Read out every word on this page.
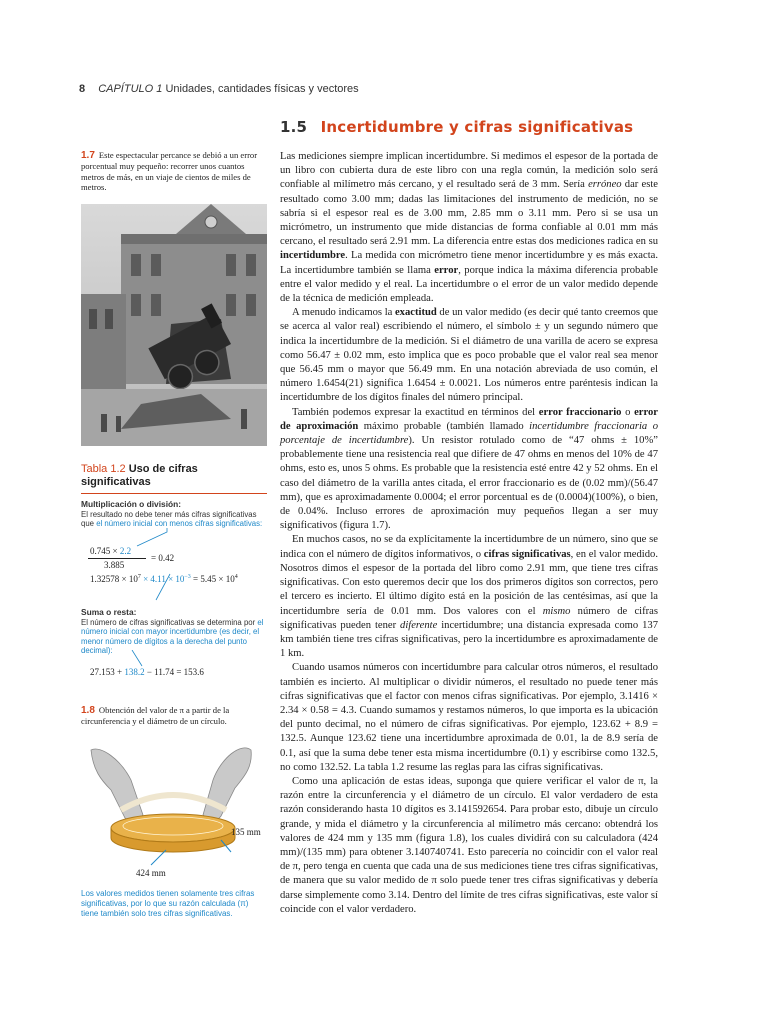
8 CAPÍTULO 1 Unidades, cantidades físicas y vectores
1.5 Incertidumbre y cifras significativas
1.7 Este espectacular percance se debió a un error porcentual muy pequeño: recorrer unos cuantos metros de más, en un viaje de cientos de miles de metros.
Tabla 1.2 Uso de cifras significativas
Multiplicación o división:
El resultado no debe tener más cifras significativas que el número inicial con menos cifras significativas:
0.745 × 2.2
3.885
= 0.42
$1.32578 \times 10^7 \times 4.11 \times 10^{-3} = 5.45 \times 10^4$
Suma o resta:
El número de cifras significativas se determina por el número inicial con mayor incertidumbre (es decir, el menor número de dígitos a la derecha del punto decimal):
27.153 + 138.2 − 11.74 = 153.6
1.8 Obtención del valor de π a partir de la circunferencia y el diámetro de un círculo.
135 mm
424 mm
Los valores medidos tienen solamente tres cifras significativas, por lo que su razón calculada (π) tiene también solo tres cifras significativas.

Las mediciones siempre implican incertidumbre. Si medimos el espesor de la portada de un libro con cubierta dura de este libro con una regla común, la medición solo será confiable al milímetro más cercano, y el resultado será de 3 mm. Sería erróneo dar este resultado como 3.00 mm; dadas las limitaciones del instrumento de medición, no se sabría si el espesor real es de 3.00 mm, 2.85 mm o 3.11 mm. Pero si se usa un micrómetro, un instrumento que mide distancias de forma confiable al 0.01 mm más cercano, el resultado será 2.91 mm. La diferencia entre estas dos mediciones radica en su incertidumbre. La medida con micrómetro tiene menor incertidumbre y es más exacta. La incertidumbre también se llama error, porque indica la máxima diferencia probable entre el valor medido y el real. La incertidumbre o el error de un valor medido depende de la técnica de medición empleada.

A menudo indicamos la exactitud de un valor medido (es decir qué tanto creemos que se acerca al valor real) escribiendo el número, el símbolo ± y un segundo número que indica la incertidumbre de la medición. Si el diámetro de una varilla de acero se expresa como 56.47 ± 0.02 mm, esto implica que es poco probable que el valor real sea menor que 56.45 mm o mayor que 56.49 mm. En una notación abreviada de uso común, el número 1.6454(21) significa 1.6454 ± 0.0021. Los números entre paréntesis indican la incertidumbre de los dígitos finales del número principal.

También podemos expresar la exactitud en términos del error fraccionario o error de aproximación máximo probable (también llamado incertidumbre fraccionaria o porcentaje de incertidumbre). Un resistor rotulado como de “47 ohms ± 10%” probablemente tiene una resistencia real que difiere de 47 ohms en menos del 10% de 47 ohms, esto es, unos 5 ohms. Es probable que la resistencia esté entre 42 y 52 ohms. En el caso del diámetro de la varilla antes citada, el error fraccionario es de (0.02 mm)/(56.47 mm), que es aproximadamente 0.0004; el error porcentual es de (0.0004)(100%), o bien, de 0.04%. Incluso errores de aproximación muy pequeños llegan a ser muy significativos (figura 1.7).

En muchos casos, no se da explícitamente la incertidumbre de un número, sino que se indica con el número de dígitos informativos, o cifras significativas, en el valor medido. Nosotros dimos el espesor de la portada del libro como 2.91 mm, que tiene tres cifras significativas. Con esto queremos decir que los dos primeros dígitos son correctos, pero el tercero es incierto. El último dígito está en la posición de las centésimas, así que la incertidumbre sería de 0.01 mm. Dos valores con el mismo número de cifras significativas pueden tener diferente incertidumbre; una distancia expresada como 137 km también tiene tres cifras significativas, pero la incertidumbre es aproximadamente de 1 km.

Cuando usamos números con incertidumbre para calcular otros números, el resultado también es incierto. Al multiplicar o dividir números, el resultado no puede tener más cifras significativas que el factor con menos cifras significativas. Por ejemplo, 3.1416 × 2.34 × 0.58 = 4.3. Cuando sumamos y restamos números, lo que importa es la ubicación del punto decimal, no el número de cifras significativas. Por ejemplo, 123.62 + 8.9 = 132.5. Aunque 123.62 tiene una incertidumbre aproximada de 0.01, la de 8.9 sería de 0.1, así que la suma debe tener esta misma incertidumbre (0.1) y escribirse como 132.5, no como 132.52. La tabla 1.2 resume las reglas para las cifras significativas.

Como una aplicación de estas ideas, suponga que quiere verificar el valor de π, la razón entre la circunferencia y el diámetro de un círculo. El valor verdadero de esta razón considerando hasta 10 dígitos es 3.141592654. Para probar esto, dibuje un círculo grande, y mida el diámetro y la circunferencia al milímetro más cercano: obtendrá los valores de 424 mm y 135 mm (figura 1.8), los cuales dividirá con su calculadora (424 mm)/(135 mm) para obtener 3.140740741. Esto parecería no coincidir con el valor real de π, pero tenga en cuenta que cada una de sus mediciones tiene tres cifras significativas, de manera que su valor medido de π solo puede tener tres cifras significativas y debería darse simplemente como 3.14. Dentro del límite de tres cifras significativas, este valor sí coincide con el valor verdadero.
